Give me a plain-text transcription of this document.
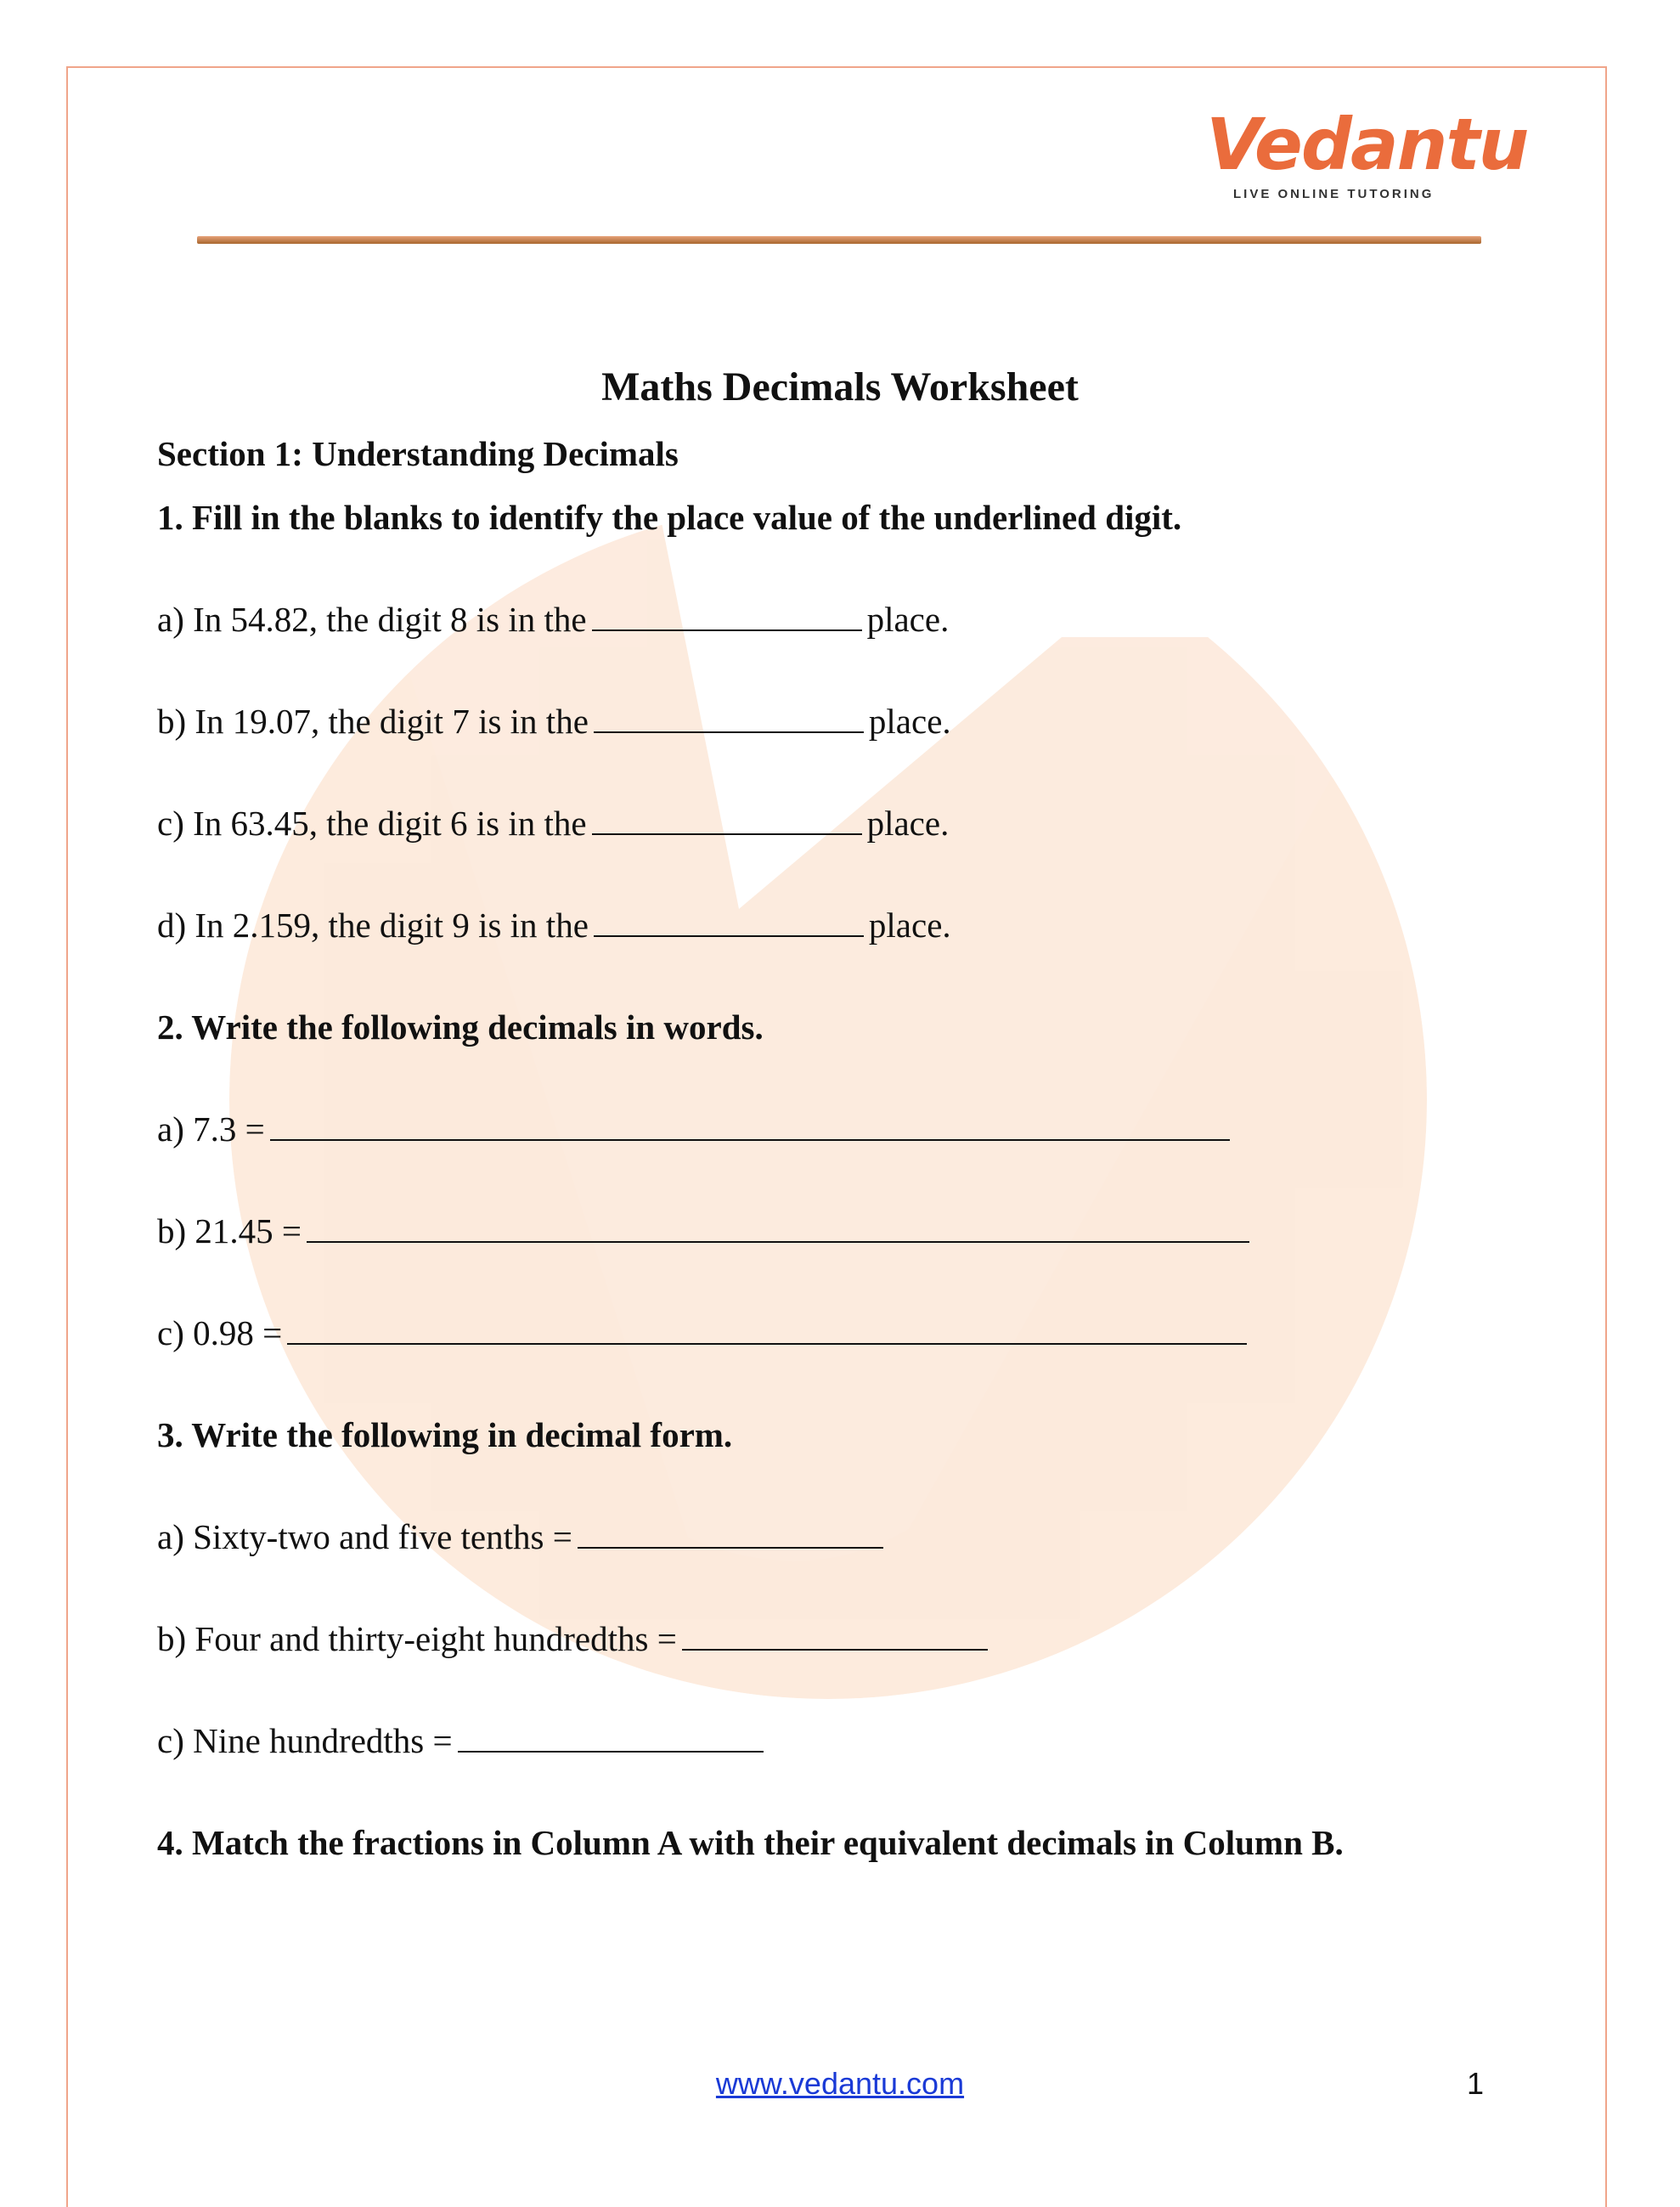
Vedantu
LIVE ONLINE TUTORING
Maths Decimals Worksheet
Section 1: Understanding Decimals
1. Fill in the blanks to identify the place value of the underlined digit.
a) In 54.82, the digit 8 is in the	place.
b) In 19.07, the digit 7 is in the	place.
c) In 63.45, the digit 6 is in the	place.
d) In 2.159, the digit 9 is in the	place.
2. Write the following decimals in words.
a) 7.3 =
b) 21.45 =
c) 0.98 =
3. Write the following in decimal form.
a) Sixty-two and five tenths =
b) Four and thirty-eight hundredths =
c) Nine hundredths =
4. Match the fractions in Column A with their equivalent decimals in Column B.
www.vedantu.com	1
